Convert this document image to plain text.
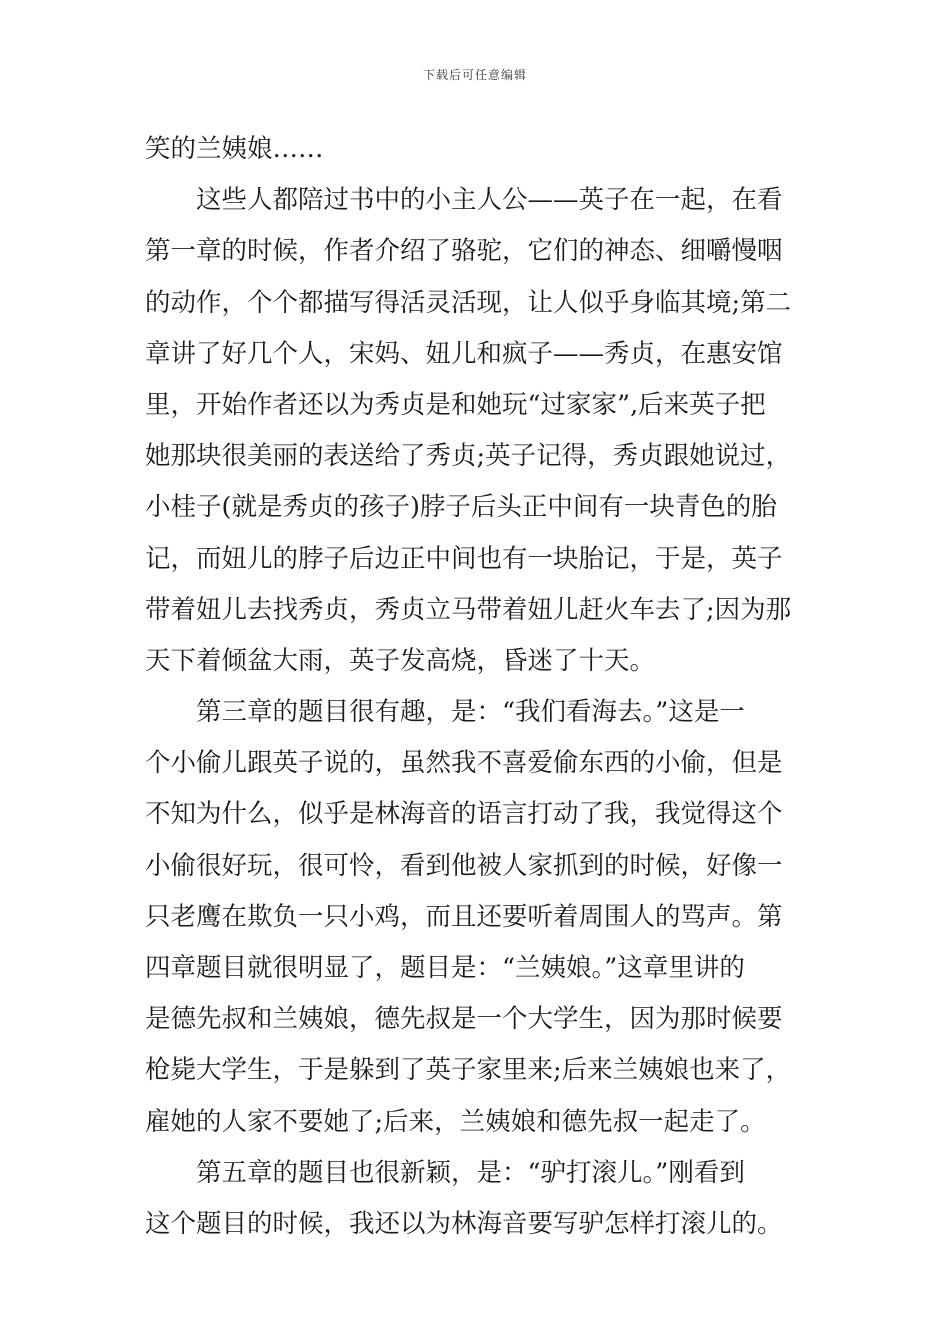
下载后可任意编辑
笑的兰姨娘……
　　这些人都陪过书中的小主人公——英子在一起，在看
第一章的时候，作者介绍了骆驼，它们的神态、细嚼慢咽
的动作，个个都描写得活灵活现，让人似乎身临其境;第二
章讲了好几个人，宋妈、妞儿和疯子——秀贞，在惠安馆
里，开始作者还以为秀贞是和她玩“过家家”,后来英子把
她那块很美丽的表送给了秀贞;英子记得，秀贞跟她说过，
小桂子(就是秀贞的孩子)脖子后头正中间有一块青色的胎
记，而妞儿的脖子后边正中间也有一块胎记，于是，英子
带着妞儿去找秀贞，秀贞立马带着妞儿赶火车去了;因为那
天下着倾盆大雨，英子发高烧，昏迷了十天。
　　第三章的题目很有趣，是：“我们看海去。”这是一
个小偷儿跟英子说的，虽然我不喜爱偷东西的小偷，但是
不知为什么，似乎是林海音的语言打动了我，我觉得这个
小偷很好玩，很可怜，看到他被人家抓到的时候，好像一
只老鹰在欺负一只小鸡，而且还要听着周围人的骂声。第
四章题目就很明显了，题目是：“兰姨娘。”这章里讲的
是德先叔和兰姨娘，德先叔是一个大学生，因为那时候要
枪毙大学生，于是躲到了英子家里来;后来兰姨娘也来了，
雇她的人家不要她了;后来，兰姨娘和德先叔一起走了。
　　第五章的题目也很新颖，是：“驴打滚儿。”刚看到
这个题目的时候，我还以为林海音要写驴怎样打滚儿的。
